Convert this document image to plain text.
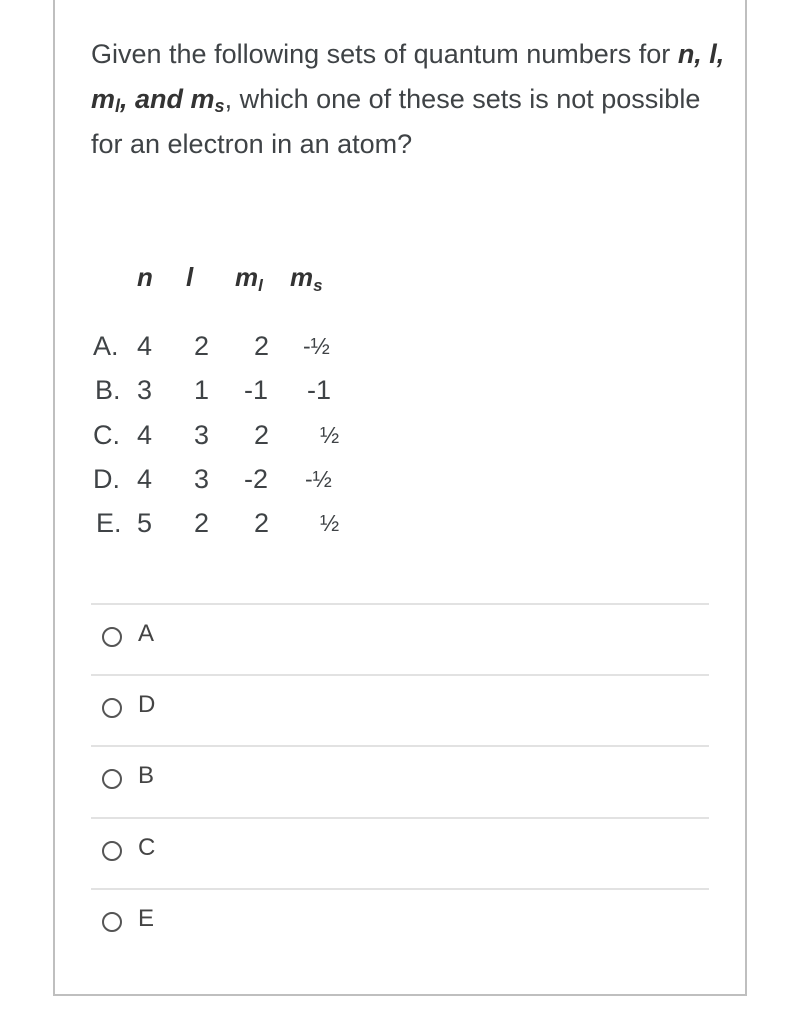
Given the following sets of quantum numbers for n, l, $m_l$, and $m_s$, which one of these sets is not possible for an electron in an atom?

n l $m_l$ $m_s$
A. 4 2 2 -½
B. 3 1 -1 -1
C. 4 3 2 ½
D. 4 3 -2 -½
E. 5 2 2 ½
A
D
B
C
E
